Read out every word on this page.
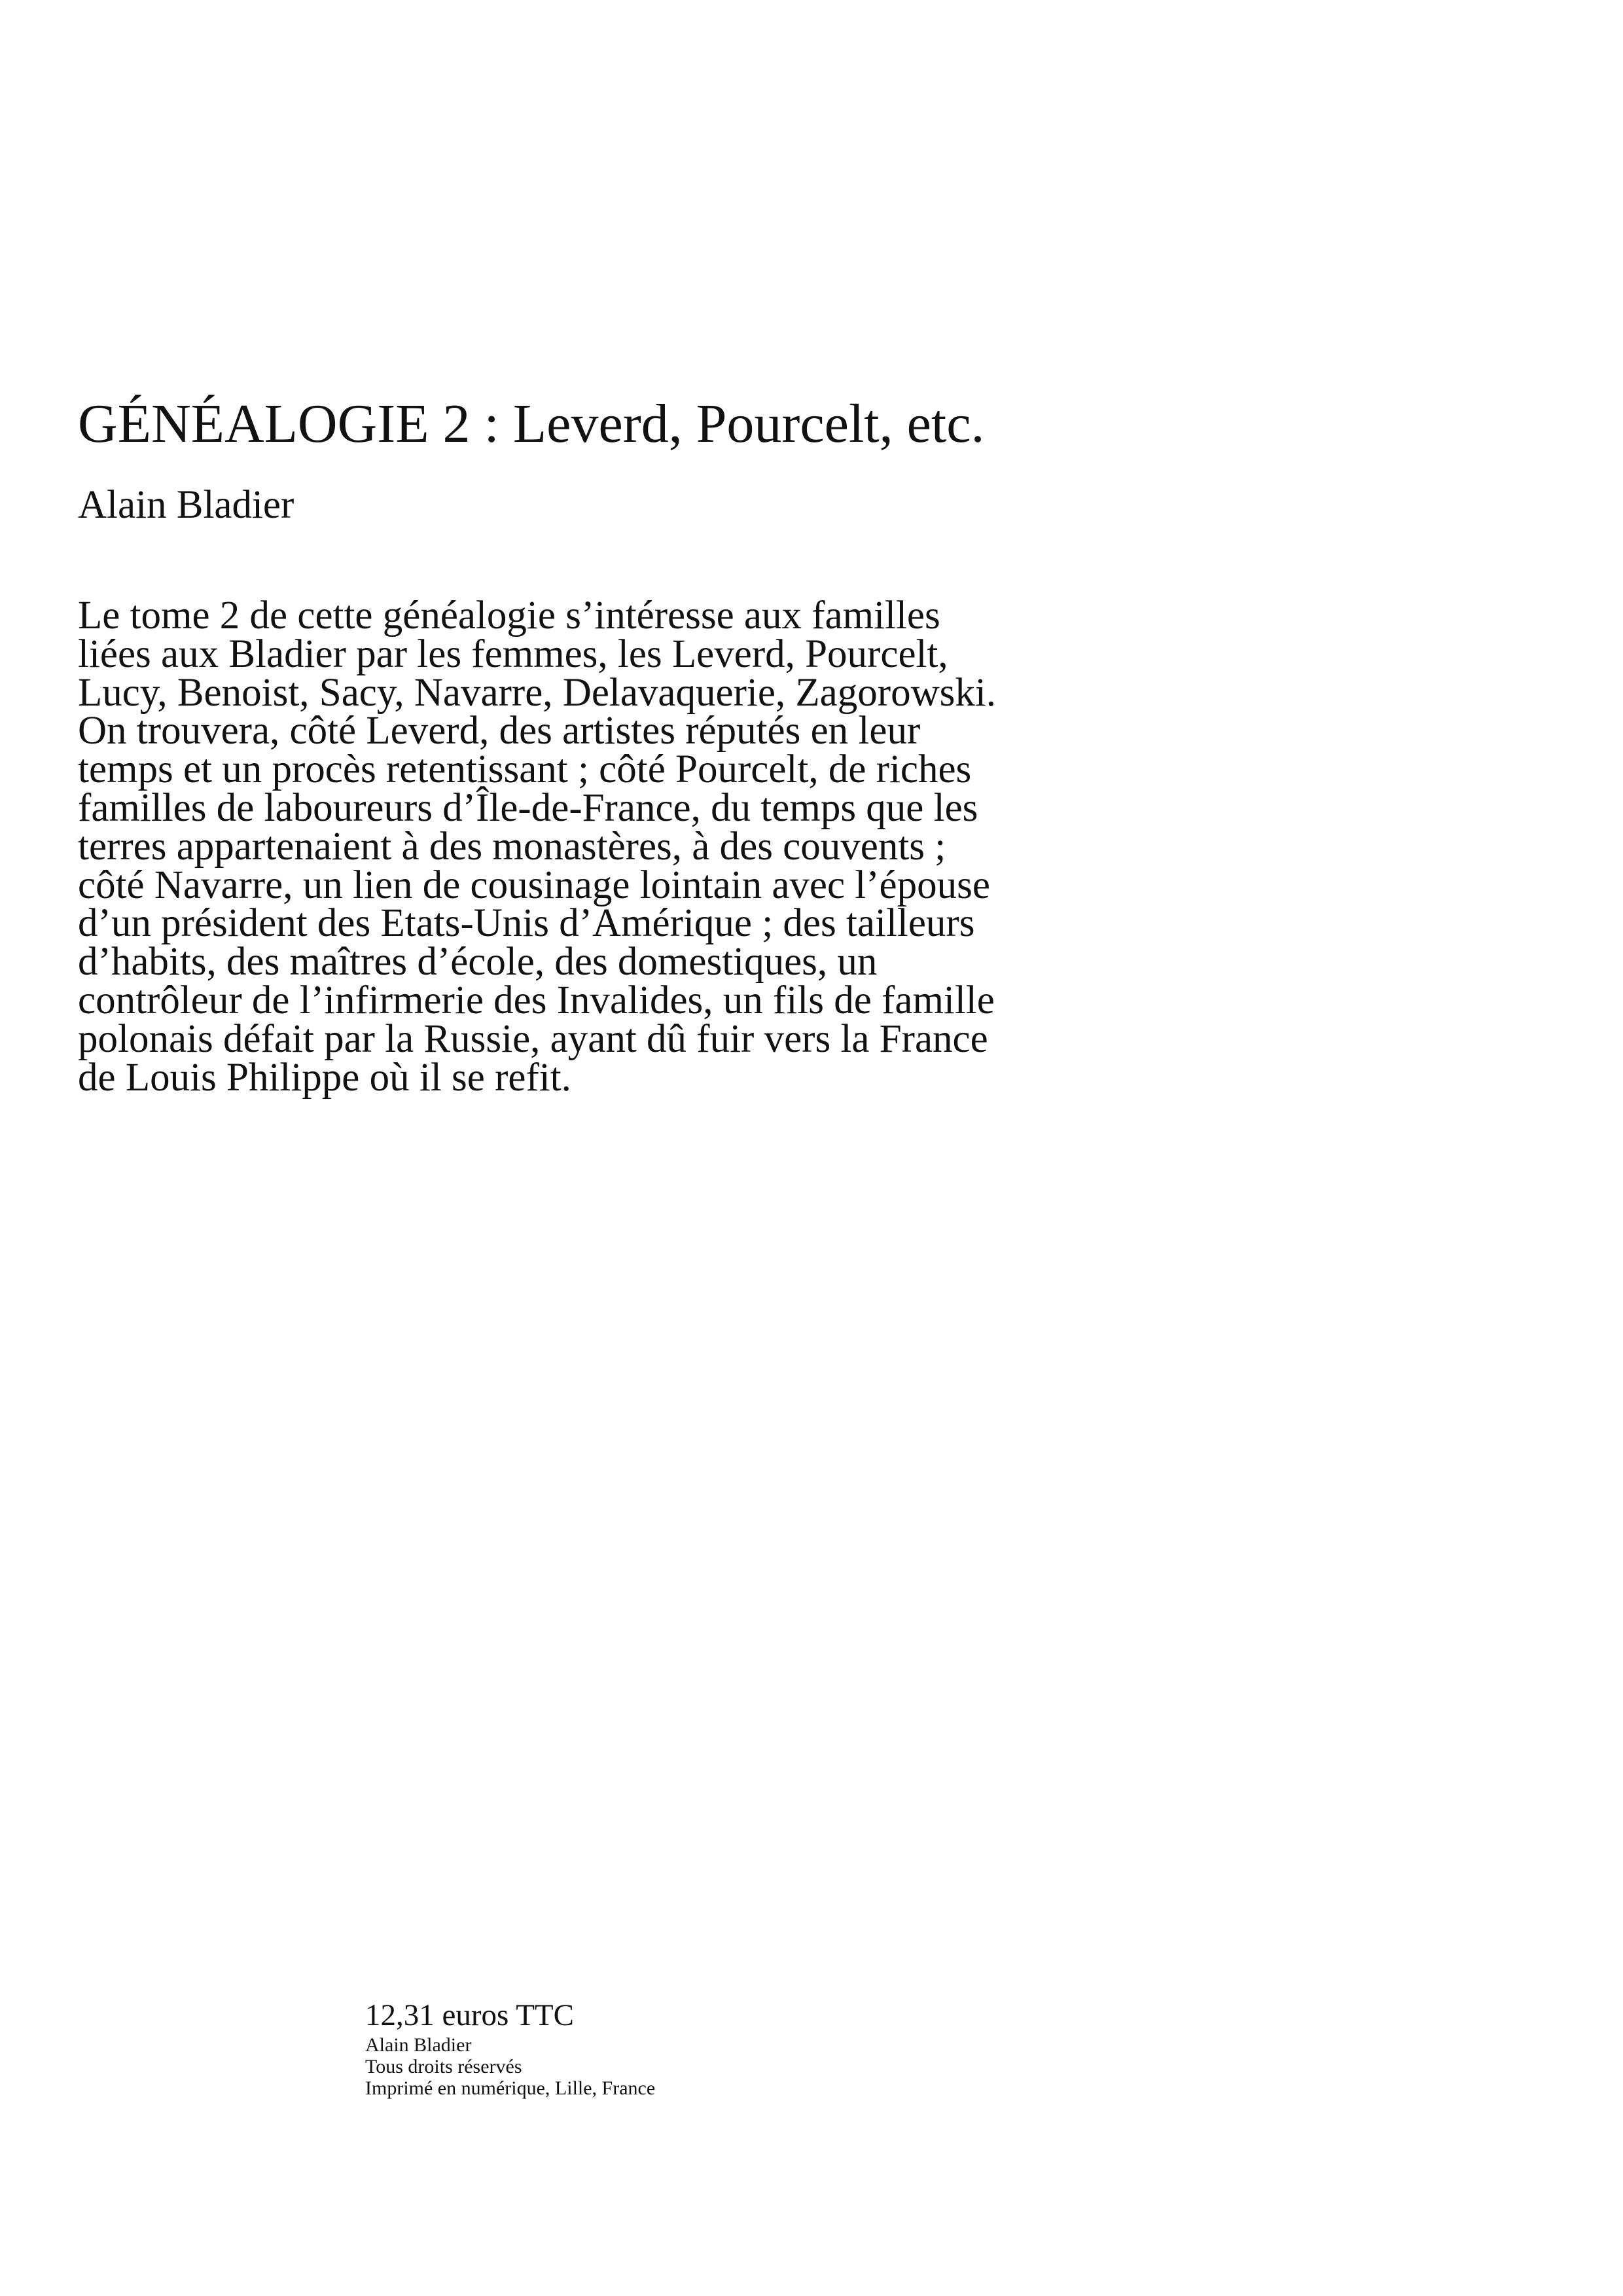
GÉNÉALOGIE 2 : Leverd, Pourcelt, etc.
Alain Bladier
Le tome 2 de cette généalogie s’intéresse aux familles
liées aux Bladier par les femmes, les Leverd, Pourcelt,
Lucy, Benoist, Sacy, Navarre, Delavaquerie, Zagorowski.
On trouvera, côté Leverd, des artistes réputés en leur
temps et un procès retentissant ; côté Pourcelt, de riches
familles de laboureurs d’Île-de-France, du temps que les
terres appartenaient à des monastères, à des couvents ;
côté Navarre, un lien de cousinage lointain avec l’épouse
d’un président des Etats-Unis d’Amérique ; des tailleurs
d’habits, des maîtres d’école, des domestiques, un
contrôleur de l’infirmerie des Invalides, un fils de famille
polonais défait par la Russie, ayant dû fuir vers la France
de Louis Philippe où il se refit.
12,31 euros TTC
Alain Bladier
Tous droits réservés
Imprimé en numérique, Lille, France
